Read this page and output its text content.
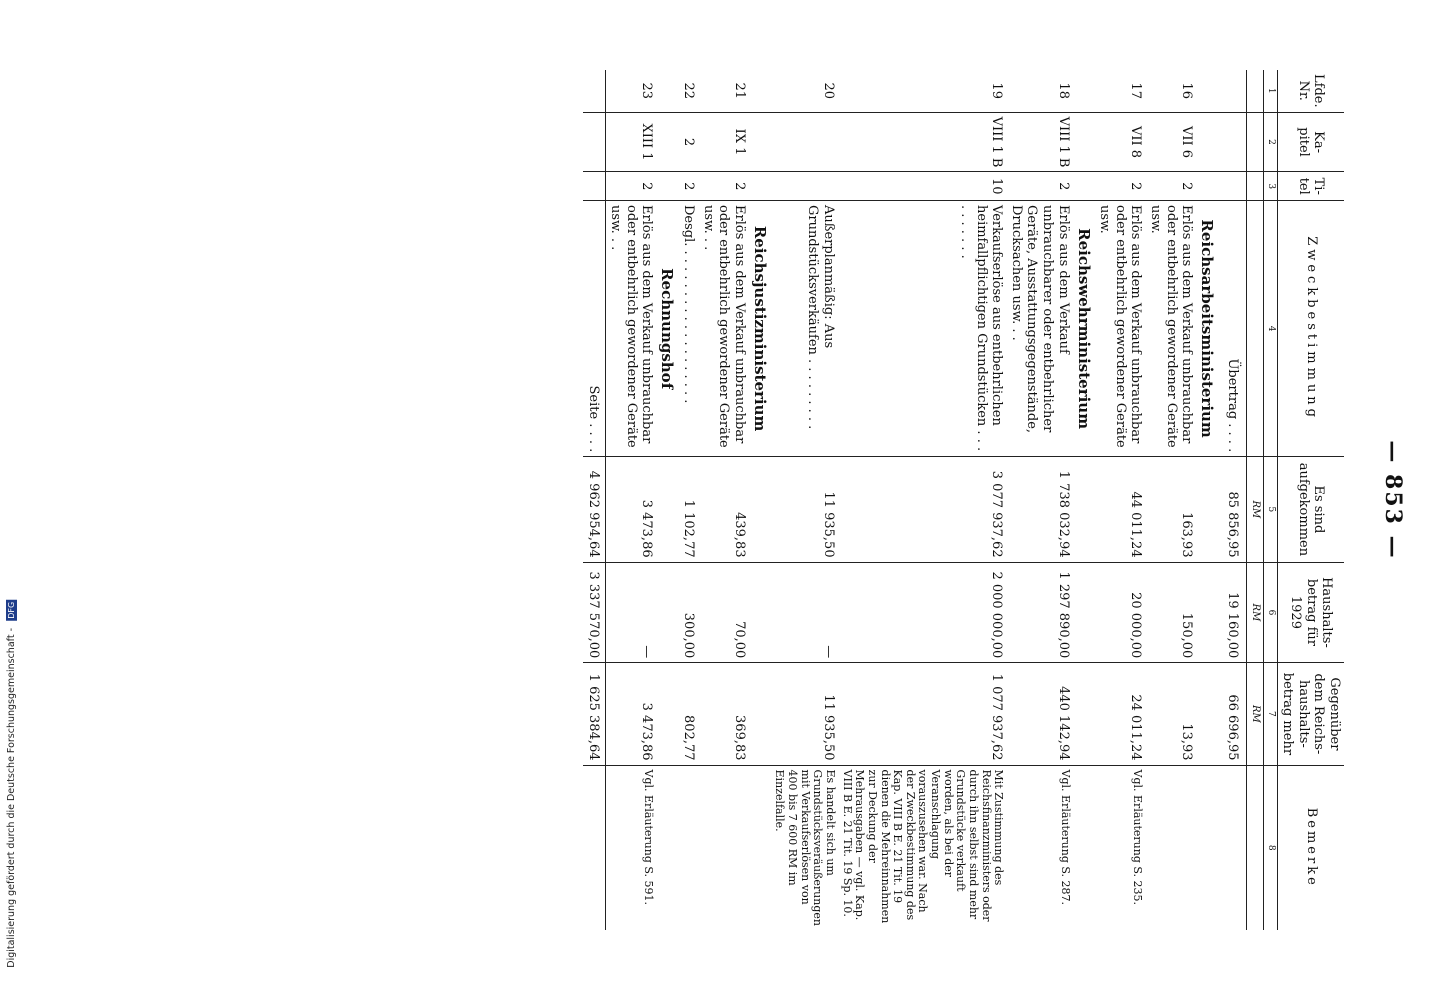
— 853 —
Lfde. Nr.	Ka-pitel	Ti-tel	Zweckbestimmung	Es sind aufgekommen	Haushalts-betrag für 1929	Gegenüber dem Reichs-haushalts-betrag mehr	Bemerke
1	2	3	4	5	6	7	8
				RM	RM	RM	
			Übertrag . . . .	85 856,95	19 160,00	66 696,95	
			Reichsarbeitsministerium				
16	VII 6	2	Erlös aus dem Verkauf unbrauchbar oder entbehrlich gewordener Geräte usw.	163,93	150,00	13,93	
17	VII 8	2	Erlös aus dem Verkauf unbrauchbar oder entbehrlich gewordener Geräte usw.	44 011,24	20 000,00	24 011,24	Vgl. Erläuterung S. 235.
			Reichswehrministerium				
18	VIII 1 B	2	Erlös aus dem Verkauf unbrauchbarer oder entbehrlicher Geräte, Ausstattungsgegenstände, Drucksachen usw. . .	1 738 032,94	1 297 890,00	440 142,94	Vgl. Erläuterung S. 287.
19	VIII 1 B	10	Verkaufserlöse aus entbehrlichen heimfallpflichtigen Grundstücken . . . . . . . . . .	3 077 937,62	2 000 000,00	1 077 937,62	Mit Zustimmung des Reichsfinanzministers oder durch ihn selbst sind mehr Grundstücke verkauft worden, als bei der Veranschlagung vorauszusehen war. Nach der Zweckbestimmung des Kap. VIII B E. 21 Tit. 19 dienen die Mehreinnahmen zur Deckung der Mehrausgaben — vgl. Kap. VIII B E. 21 Tit. 19 Sp. 10.
20			Außerplanmäßig: Aus Grundstücksverkäufen . . . . . . . . .	11 935,50	—	11 935,50	Es handelt sich um Grundstücksveräußerungen mit Verkaufserlösen von 400 bis 7 600 RM im Einzelfalle.
			Reichsjustizministerium				
21	IX 1	2	Erlös aus dem Verkauf unbrauchbar oder entbehrlich gewordener Geräte usw. . .	439,83	70,00	369,83	
22	2	2	Desgl. . . . . . . . . . . . . . . . . . . .	1 102,77	300,00	802,77	
			Rechnungshof				
23	XIII 1	2	Erlös aus dem Verkauf unbrauchbar oder entbehrlich gewordener Geräte usw. . .	3 473,86	—	3 473,86	Vgl. Erläuterung S. 591.
			Seite . . . .	4 962 954,64	3 337 570,00	1 625 384,64	
Digitalisierung gefördert durch die Deutsche Forschungsgemeinschaft - DFG
